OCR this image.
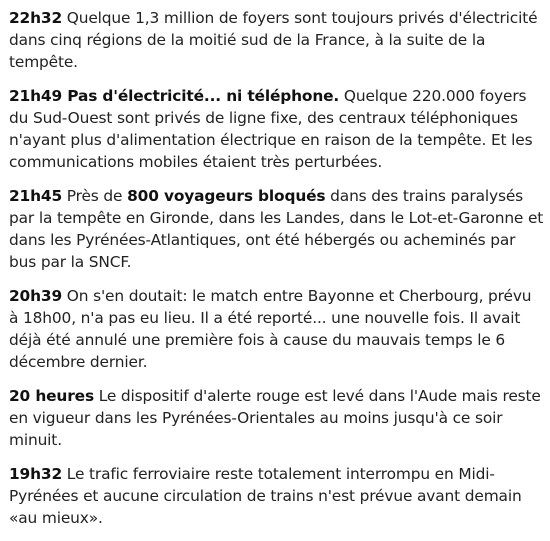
22h32 Quelque 1,3 million de foyers sont toujours privés d'électricité dans cinq régions de la moitié sud de la France, à la suite de la tempête.

21h49 Pas d'électricité... ni téléphone. Quelque 220.000 foyers du Sud-Ouest sont privés de ligne fixe, des centraux téléphoniques n'ayant plus d'alimentation électrique en raison de la tempête. Et les communications mobiles étaient très perturbées.

21h45 Près de 800 voyageurs bloqués dans des trains paralysés par la tempête en Gironde, dans les Landes, dans le Lot-et-Garonne et dans les Pyrénées-Atlantiques, ont été hébergés ou acheminés par bus par la SNCF.

20h39 On s'en doutait: le match entre Bayonne et Cherbourg, prévu à 18h00, n'a pas eu lieu. Il a été reporté... une nouvelle fois. Il avait déjà été annulé une première fois à cause du mauvais temps le 6 décembre dernier.

20 heures Le dispositif d'alerte rouge est levé dans l'Aude mais reste en vigueur dans les Pyrénées-Orientales au moins jusqu'à ce soir minuit.

19h32 Le trafic ferroviaire reste totalement interrompu en Midi-Pyrénées et aucune circulation de trains n'est prévue avant demain «au mieux».
